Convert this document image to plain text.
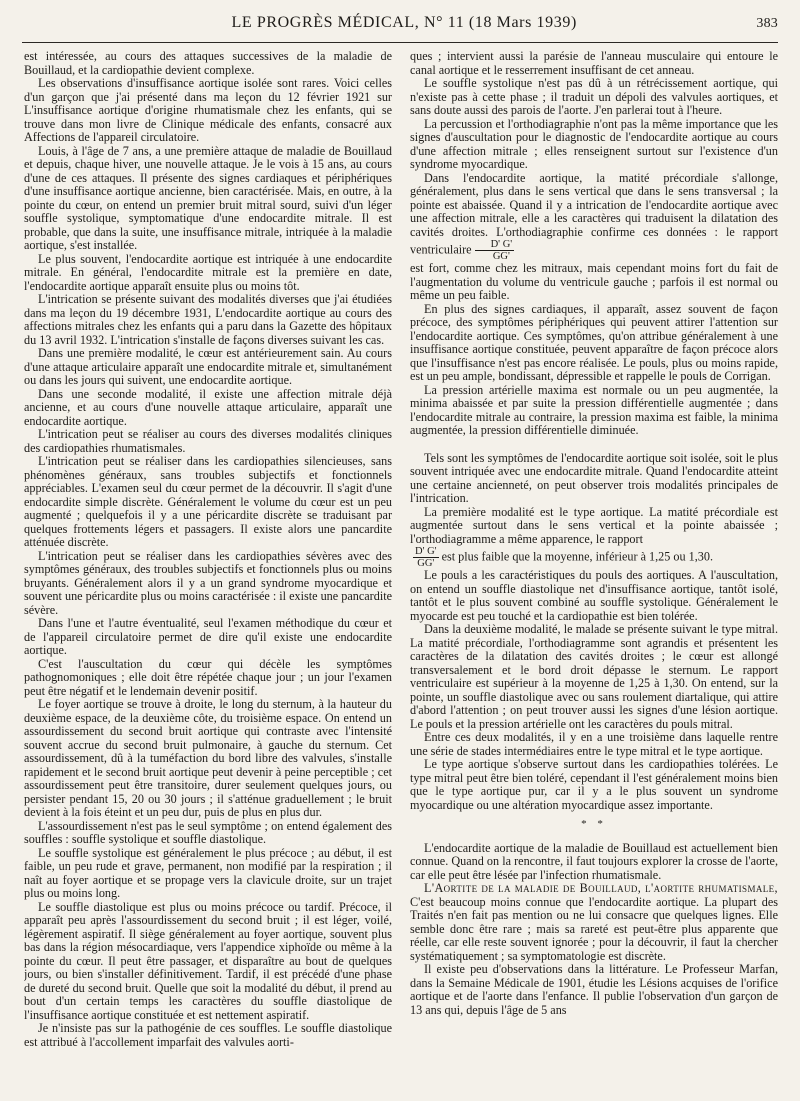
LE PROGRÈS MÉDICAL, N° 11 (18 Mars 1939)	383

est intéressée, au cours des attaques successives de la maladie de Bouillaud, et la cardiopathie devient complexe.

Les observations d'insuffisance aortique isolée sont rares. Voici celles d'un garçon que j'ai présenté dans ma leçon du 12 février 1921 sur L'insuffisance aortique d'origine rhumatismale chez les enfants, qui se trouve dans mon livre de Clinique médicale des enfants, consacré aux Affections de l'appareil circulatoire.

Louis, à l'âge de 7 ans, a une première attaque de maladie de Bouillaud et depuis, chaque hiver, une nouvelle attaque. Je le vois à 15 ans, au cours d'une de ces attaques. Il présente des signes cardiaques et périphériques d'une insuffisance aortique ancienne, bien caractérisée. Mais, en outre, à la pointe du cœur, on entend un premier bruit mitral sourd, suivi d'un léger souffle systolique, symptomatique d'une endocardite mitrale. Il est probable, que dans la suite, une insuffisance mitrale, intriquée à la maladie aortique, s'est installée.

Le plus souvent, l'endocardite aortique est intriquée à une endocardite mitrale. En général, l'endocardite mitrale est la première en date, l'endocardite aortique apparaît ensuite plus ou moins tôt.

L'intrication se présente suivant des modalités diverses que j'ai étudiées dans ma leçon du 19 décembre 1931, L'endocardite aortique au cours des affections mitrales chez les enfants qui a paru dans la Gazette des hôpitaux du 13 avril 1932. L'intrication s'installe de façons diverses suivant les cas.

Dans une première modalité, le cœur est antérieurement sain. Au cours d'une attaque articulaire apparaît une endocardite mitrale et, simultanément ou dans les jours qui suivent, une endocardite aortique.

Dans une seconde modalité, il existe une affection mitrale déjà ancienne, et au cours d'une nouvelle attaque articulaire, apparaît une endocardite aortique.

L'intrication peut se réaliser au cours des diverses modalités cliniques des cardiopathies rhumatismales.

L'intrication peut se réaliser dans les cardiopathies silencieuses, sans phénomènes généraux, sans troubles subjectifs et fonctionnels appréciables. L'examen seul du cœur permet de la découvrir. Il s'agit d'une endocardite simple discrète. Généralement le volume du cœur est un peu augmenté ; quelquefois il y a une péricardite discrète se traduisant par quelques frottements légers et passagers. Il existe alors une pancardite atténuée discrète.

L'intrication peut se réaliser dans les cardiopathies sévères avec des symptômes généraux, des troubles subjectifs et fonctionnels plus ou moins bruyants. Généralement alors il y a un grand syndrome myocardique et souvent une péricardite plus ou moins caractérisée : il existe une pancardite sévère.

Dans l'une et l'autre éventualité, seul l'examen méthodique du cœur et de l'appareil circulatoire permet de dire qu'il existe une endocardite aortique.

C'est l'auscultation du cœur qui décèle les symptômes pathognomoniques ; elle doit être répétée chaque jour ; un jour l'examen peut être négatif et le lendemain devenir positif.

Le foyer aortique se trouve à droite, le long du sternum, à la hauteur du deuxième espace, de la deuxième côte, du troisième espace. On entend un assourdissement du second bruit aortique qui contraste avec l'intensité souvent accrue du second bruit pulmonaire, à gauche du sternum. Cet assourdissement, dû à la tuméfaction du bord libre des valvules, s'installe rapidement et le second bruit aortique peut devenir à peine perceptible ; cet assourdissement peut être transitoire, durer seulement quelques jours, ou persister pendant 15, 20 ou 30 jours ; il s'atténue graduellement ; le bruit devient à la fois éteint et un peu dur, puis de plus en plus dur.

L'assourdissement n'est pas le seul symptôme ; on entend également des souffles : souffle systolique et souffle diastolique.

Le souffle systolique est généralement le plus précoce ; au début, il est faible, un peu rude et grave, permanent, non modifié par la respiration ; il naît au foyer aortique et se propage vers la clavicule droite, sur un trajet plus ou moins long.

Le souffle diastolique est plus ou moins précoce ou tardif. Précoce, il apparaît peu après l'assourdissement du second bruit ; il est léger, voilé, légèrement aspiratif. Il siège généralement au foyer aortique, souvent plus bas dans la région mésocardiaque, vers l'appendice xiphoïde ou même à la pointe du cœur. Il peut être passager, et disparaître au bout de quelques jours, ou bien s'installer définitivement. Tardif, il est précédé d'une phase de dureté du second bruit. Quelle que soit la modalité du début, il prend au bout d'un certain temps les caractères du souffle diastolique de l'insuffisance aortique constituée et est nettement aspiratif.

Je n'insiste pas sur la pathogénie de ces souffles. Le souffle diastolique est attribué à l'accollement imparfait des valvules aorti-

ques ; intervient aussi la parésie de l'anneau musculaire qui entoure le canal aortique et le resserrement insuffisant de cet anneau.

Le souffle systolique n'est pas dû à un rétrécissement aortique, qui n'existe pas à cette phase ; il traduit un dépoli des valvules aortiques, et sans doute aussi des parois de l'aorte. J'en parlerai tout à l'heure.

La percussion et l'orthodiagraphie n'ont pas la même importance que les signes d'auscultation pour le diagnostic de l'endocardite aortique au cours d'une affection mitrale ; elles renseignent surtout sur l'existence d'un syndrome myocardique.

Dans l'endocardite aortique, la matité précordiale s'allonge, généralement, plus dans le sens vertical que dans le sens transversal ; la pointe est abaissée. Quand il y a intrication de l'endocardite aortique avec une affection mitrale, elle a les caractères qui traduisent la dilatation des cavités droites. L'orthodiagraphie confirme ces données : le rapport ventriculaire $\frac{D' G'}{GG'}$

est fort, comme chez les mitraux, mais cependant moins fort du fait de l'augmentation du volume du ventricule gauche ; parfois il est normal ou même un peu faible.

En plus des signes cardiaques, il apparaît, assez souvent de façon précoce, des symptômes périphériques qui peuvent attirer l'attention sur l'endocardite aortique. Ces symptômes, qu'on attribue généralement à une insuffisance aortique constituée, peuvent apparaître de façon précoce alors que l'insuffisance n'est pas encore réalisée. Le pouls, plus ou moins rapide, est un peu ample, bondissant, dépressible et rappelle le pouls de Corrigan.

La pression artérielle maxima est normale ou un peu augmentée, la minima abaissée et par suite la pression différentielle augmentée ; dans l'endocardite mitrale au contraire, la pression maxima est faible, la minima augmentée, la pression différentielle diminuée.

Tels sont les symptômes de l'endocardite aortique soit isolée, soit le plus souvent intriquée avec une endocardite mitrale. Quand l'endocardite atteint une certaine ancienneté, on peut observer trois modalités principales de l'intrication.

La première modalité est le type aortique. La matité précordiale est augmentée surtout dans le sens vertical et la pointe abaissée ; l'orthodiagramme a même apparence, le rapport

$\frac{D' G'}{GG'}$ est plus faible que la moyenne, inférieur à 1,25 ou 1,30.

Le pouls a les caractéristiques du pouls des aortiques. A l'auscultation, on entend un souffle diastolique net d'insuffisance aortique, tantôt isolé, tantôt et le plus souvent combiné au souffle systolique. Généralement le myocarde est peu touché et la cardiopathie est bien tolérée.

Dans la deuxième modalité, le malade se présente suivant le type mitral. La matité précordiale, l'orthodiagramme sont agrandis et présentent les caractères de la dilatation des cavités droites ; le cœur est allongé transversalement et le bord droit dépasse le sternum. Le rapport ventriculaire est supérieur à la moyenne de 1,25 à 1,30. On entend, sur la pointe, un souffle diastolique avec ou sans roulement diartalique, qui attire d'abord l'attention ; on peut trouver aussi les signes d'une lésion aortique. Le pouls et la pression artérielle ont les caractères du pouls mitral.

Entre ces deux modalités, il y en a une troisième dans laquelle rentre une série de stades intermédiaires entre le type mitral et le type aortique.

Le type aortique s'observe surtout dans les cardiopathies tolérées. Le type mitral peut être bien toléré, cependant il l'est généralement moins bien que le type aortique pur, car il y a le plus souvent un syndrome myocardique ou une altération myocardique assez importante.

* *

L'endocardite aortique de la maladie de Bouillaud est actuellement bien connue. Quand on la rencontre, il faut toujours explorer la crosse de l'aorte, car elle peut être lésée par l'infection rhumatismale.

L'Aortite de la maladie de Bouillaud, l'aortite rhumatismale, C'est beaucoup moins connue que l'endocardite aortique. La plupart des Traités n'en fait pas mention ou ne lui consacre que quelques lignes. Elle semble donc être rare ; mais sa rareté est peut-être plus apparente que réelle, car elle reste souvent ignorée ; pour la découvrir, il faut la chercher systématiquement ; sa symptomatologie est discrète.

Il existe peu d'observations dans la littérature. Le Professeur Marfan, dans la Semaine Médicale de 1901, étudie les Lésions acquises de l'orifice aortique et de l'aorte dans l'enfance. Il publie l'observation d'un garçon de 13 ans qui, depuis l'âge de 5 ans
